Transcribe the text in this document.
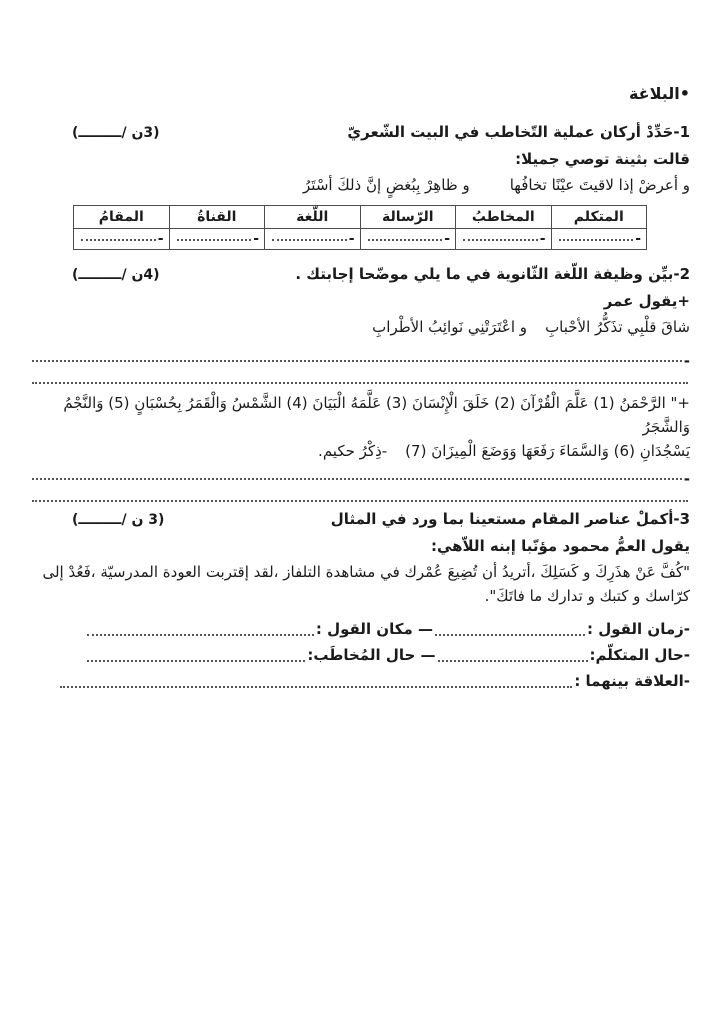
•البلاغة
1-حَدِّدْ أركان عملية التّخاطب في البيت الشّعريّ
(3ن /ـــــــــ)
قالت بثينة توصي جميلا:
و أعرضْ إذا لاقيتَ عيْنًا تخافُها
و ظاهِرْ بِبُغضٍ إنَّ ذلكَ أسْتَرُ
المتكلم	المخاطبُ	الرّسالة	اللّغة	القناةُ	المقامُ

-	-	-	-	-	-
2-بيِّن وظيفة اللّغة الثّانوية في ما يلي موضّحا إجابتك .
(4ن /ـــــــــ)
+يقول عمر
شاقَ قلْبِي تذَكُّرُ الأحْبابِ
و اعْتَرَتْنِي نَوائِبُ الأطْرابِ
-
+" الرَّحْمَنُ (1) عَلَّمَ الْقُرْآنَ (2) خَلَقَ الْإِنْسَانَ (3) عَلَّمَهُ الْبَيَانَ (4) الشَّمْسُ وَالْقَمَرُ بِحُسْبَانٍ (5) وَالنَّجْمُ وَالشَّجَرُ
يَسْجُدَانِ (6) وَالسَّمَاءَ رَفَعَهَا وَوَضَعَ الْمِيزَانَ (7)
-ذِكْرُ حكيم.
-
3-أكملْ عناصر المقام مستعينا بما ورد في المثال
(3 ن /ـــــــــ)
يقول العمُّ محمود مؤنّبا إبنه اللاّهي:
"كُفَّ عَنْ هذَرِكَ و كَسَلِكَ ،أتريدُ أن تُضِيعَ عُمْرك في مشاهدة التلفاز ،لقد إقتربت العودة المدرسيّة ،فَعُدْ إلى كرّاسك و كتبك و تدارك ما فاتَكَ".
-زمان القول :
— مكان القول :
-حال المتكلّم:
— حال المُخاطَب:
-العلاقة بينهما :
